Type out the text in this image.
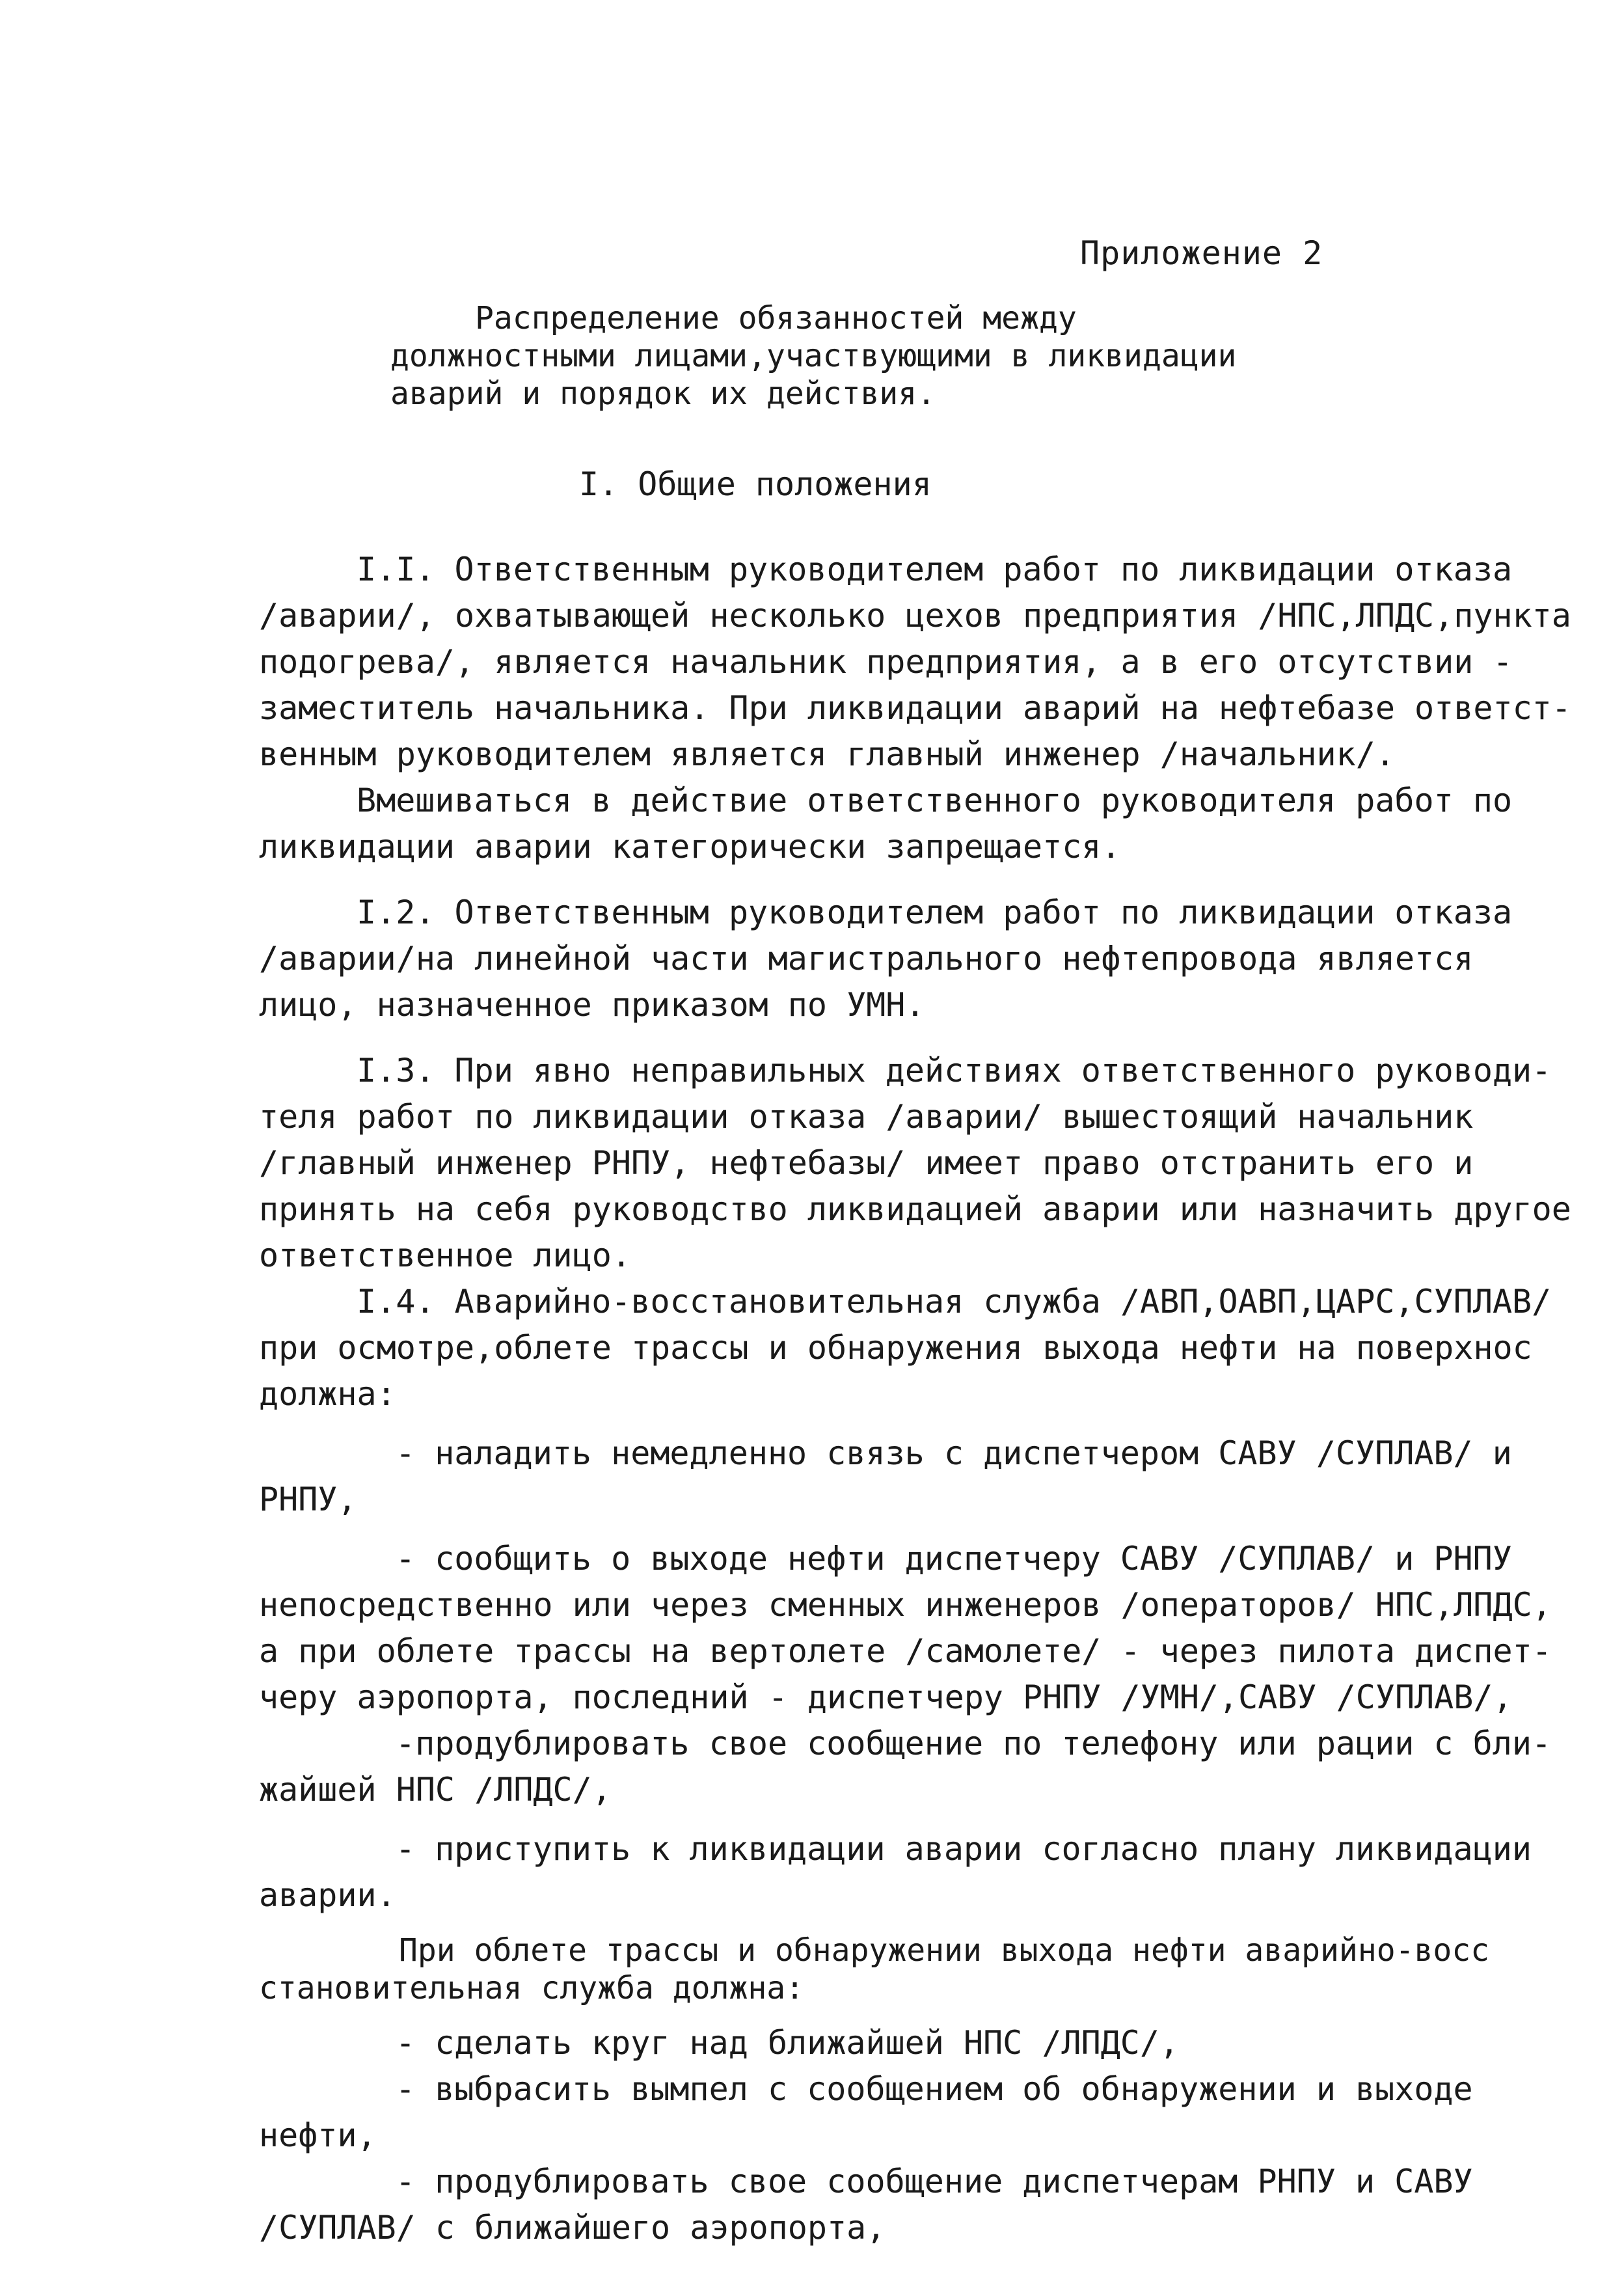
Приложение 2
Распределение обязанностей между
должностными лицами,участвующими в ликвидации
аварий и порядок их действия.
I. Общие положения
I.I. Ответственным руководителем работ по ликвидации отказа
/аварии/, охватывающей несколько цехов предприятия /НПС,ЛПДС,пункта
подогрева/, является начальник предприятия, а в его отсутствии -
заместитель начальника. При ликвидации аварий на нефтебазе ответст-
венным руководителем является главный инженер /начальник/.
Вмешиваться в действие ответственного руководителя работ по
ликвидации аварии категорически запрещается.
I.2. Ответственным руководителем работ по ликвидации отказа
/аварии/на линейной части магистрального нефтепровода является
лицо, назначенное приказом по УМН.
I.3. При явно неправильных действиях ответственного руководи-
теля работ по ликвидации отказа /аварии/ вышестоящий начальник
/главный инженер РНПУ, нефтебазы/ имеет право отстранить его и
принять на себя руководство ликвидацией аварии или назначить другое
ответственное лицо.
I.4. Аварийно-восстановительная служба /АВП,ОАВП,ЦАРС,СУПЛАВ/
при осмотре,облете трассы и обнаружения выхода нефти на поверхнос
должна:
- наладить немедленно связь с диспетчером САВУ /СУПЛАВ/ и
РНПУ,
- сообщить о выходе нефти диспетчеру САВУ /СУПЛАВ/ и РНПУ
непосредственно или через сменных инженеров /операторов/ НПС,ЛПДС,
а при облете трассы на вертолете /самолете/ - через пилота диспет-
черу аэропорта, последний - диспетчеру РНПУ /УМН/,САВУ /СУПЛАВ/,
-продублировать свое сообщение по телефону или рации с бли-
жайшей НПС /ЛПДС/,
- приступить к ликвидации аварии согласно плану ликвидации
аварии.
При облете трассы и обнаружении выхода нефти аварийно-восс
становительная служба должна:
- сделать круг над ближайшей НПС /ЛПДС/,
- выбрасить вымпел с сообщением об обнаружении и выходе
нефти,
- продублировать свое сообщение диспетчерам РНПУ и САВУ
/СУПЛАВ/ с ближайшего аэропорта,
